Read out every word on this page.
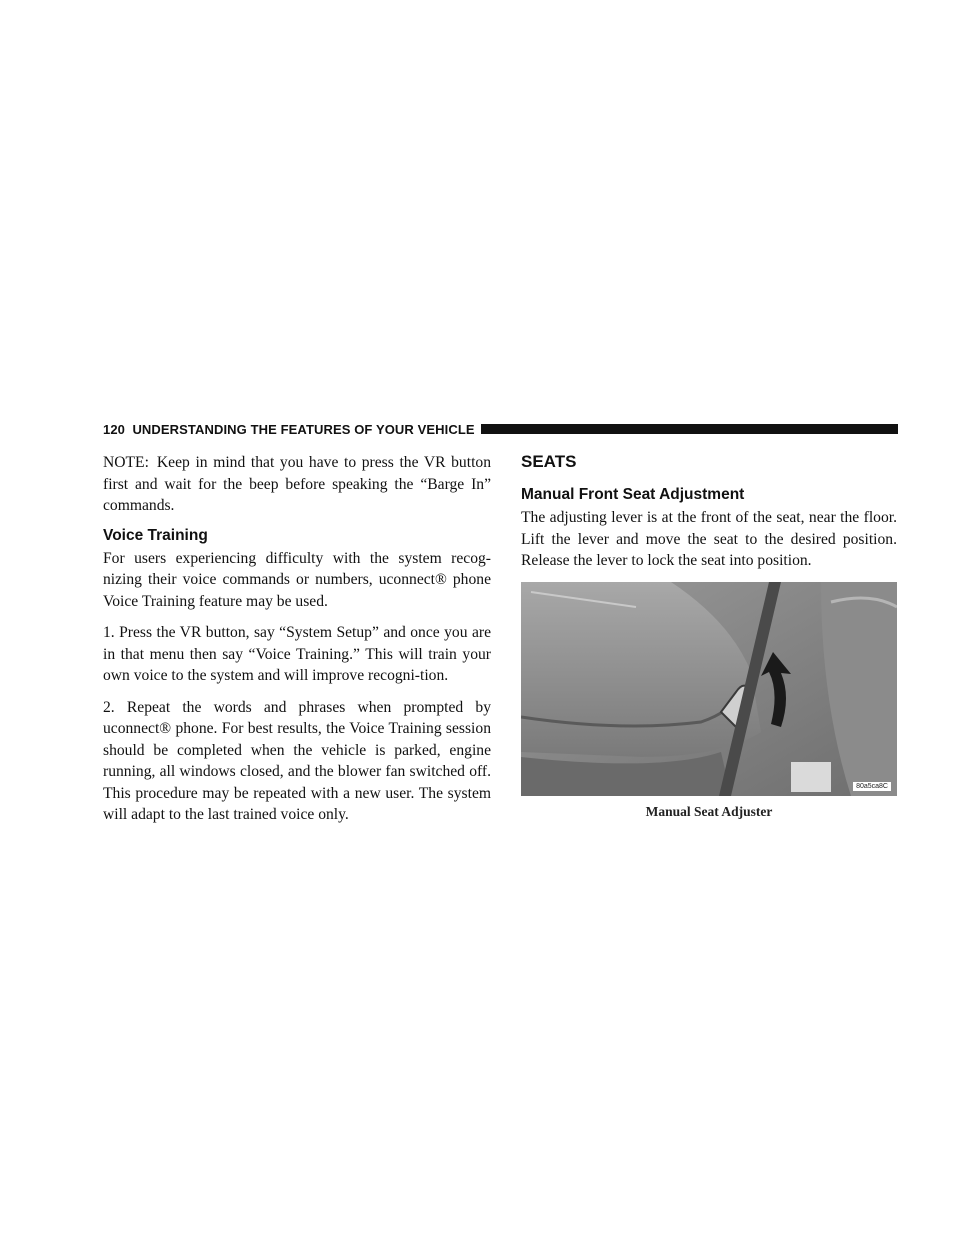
120 UNDERSTANDING THE FEATURES OF YOUR VEHICLE

NOTE: Keep in mind that you have to press the VR button first and wait for the beep before speaking the “Barge In” commands.

Voice Training

For users experiencing difficulty with the system recog-nizing their voice commands or numbers, uconnect® phone Voice Training feature may be used.

1. Press the VR button, say “System Setup” and once you are in that menu then say “Voice Training.” This will train your own voice to the system and will improve recogni-tion.

2. Repeat the words and phrases when prompted by uconnect® phone. For best results, the Voice Training session should be completed when the vehicle is parked, engine running, all windows closed, and the blower fan switched off. This procedure may be repeated with a new user. The system will adapt to the last trained voice only.

SEATS
Manual Front Seat Adjustment

The adjusting lever is at the front of the seat, near the floor. Lift the lever and move the seat to the desired position. Release the lever to lock the seat into position.

80a5ca8C
Manual Seat Adjuster
